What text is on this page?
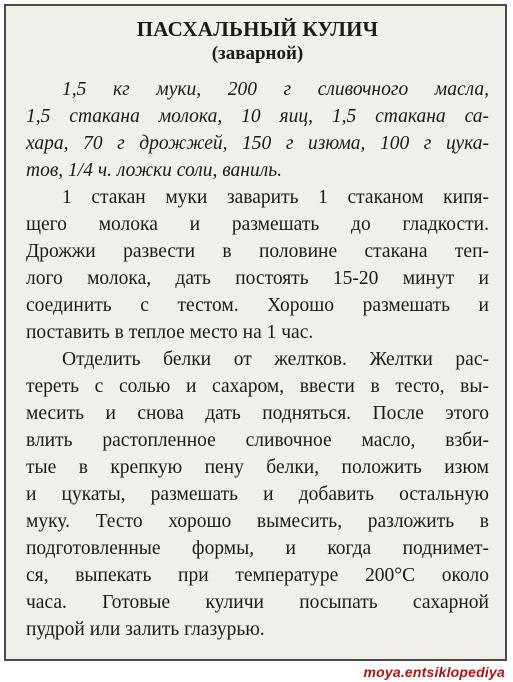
ПАСХАЛЬНЫЙ КУЛИЧ
(заварной)
1,5 кг муки, 200 г сливочного масла,
1,5 стакана молока, 10 яиц, 1,5 стакана са-
хара, 70 г дрожжей, 150 г изюма, 100 г цука-
тов, 1/4 ч. ложки соли, ваниль.
1 стакан муки заварить 1 стаканом кипя-
щего молока и размешать до гладкости.
Дрожжи развести в половине стакана теп-
лого молока, дать постоять 15-20 минут и
соединить с тестом. Хорошо размешать и
поставить в теплое место на 1 час.
Отделить белки от желтков. Желтки рас-
тереть с солью и сахаром, ввести в тесто, вы-
месить и снова дать подняться. После этого
влить растопленное сливочное масло, взби-
тые в крепкую пену белки, положить изюм
и цукаты, размешать и добавить остальную
муку. Тесто хорошо вымесить, разложить в
подготовленные формы, и когда поднимет-
ся, выпекать при температуре 200°С около
часа. Готовые куличи посыпать сахарной
пудрой или залить глазурью.
moya.entsiklopediya
